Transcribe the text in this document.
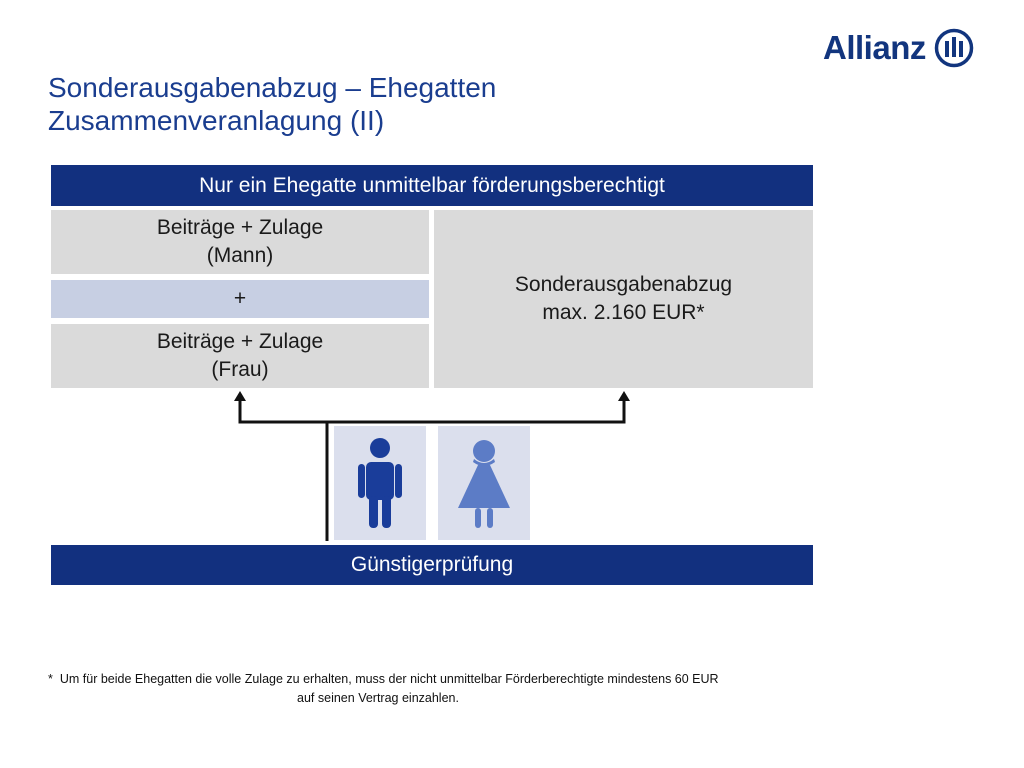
Allianz
Sonderausgabenabzug – Ehegatten
Zusammenveranlagung (II)
Nur ein Ehegatte unmittelbar förderungsberechtigt
Beiträge + Zulage
(Mann)
+
Beiträge + Zulage
(Frau)
Sonderausgabenabzug
max. 2.160 EUR*
Günstigerprüfung
* Um für beide Ehegatten die volle Zulage zu erhalten, muss der nicht unmittelbar Förderberechtigte mindestens 60 EUR
auf seinen Vertrag einzahlen.
